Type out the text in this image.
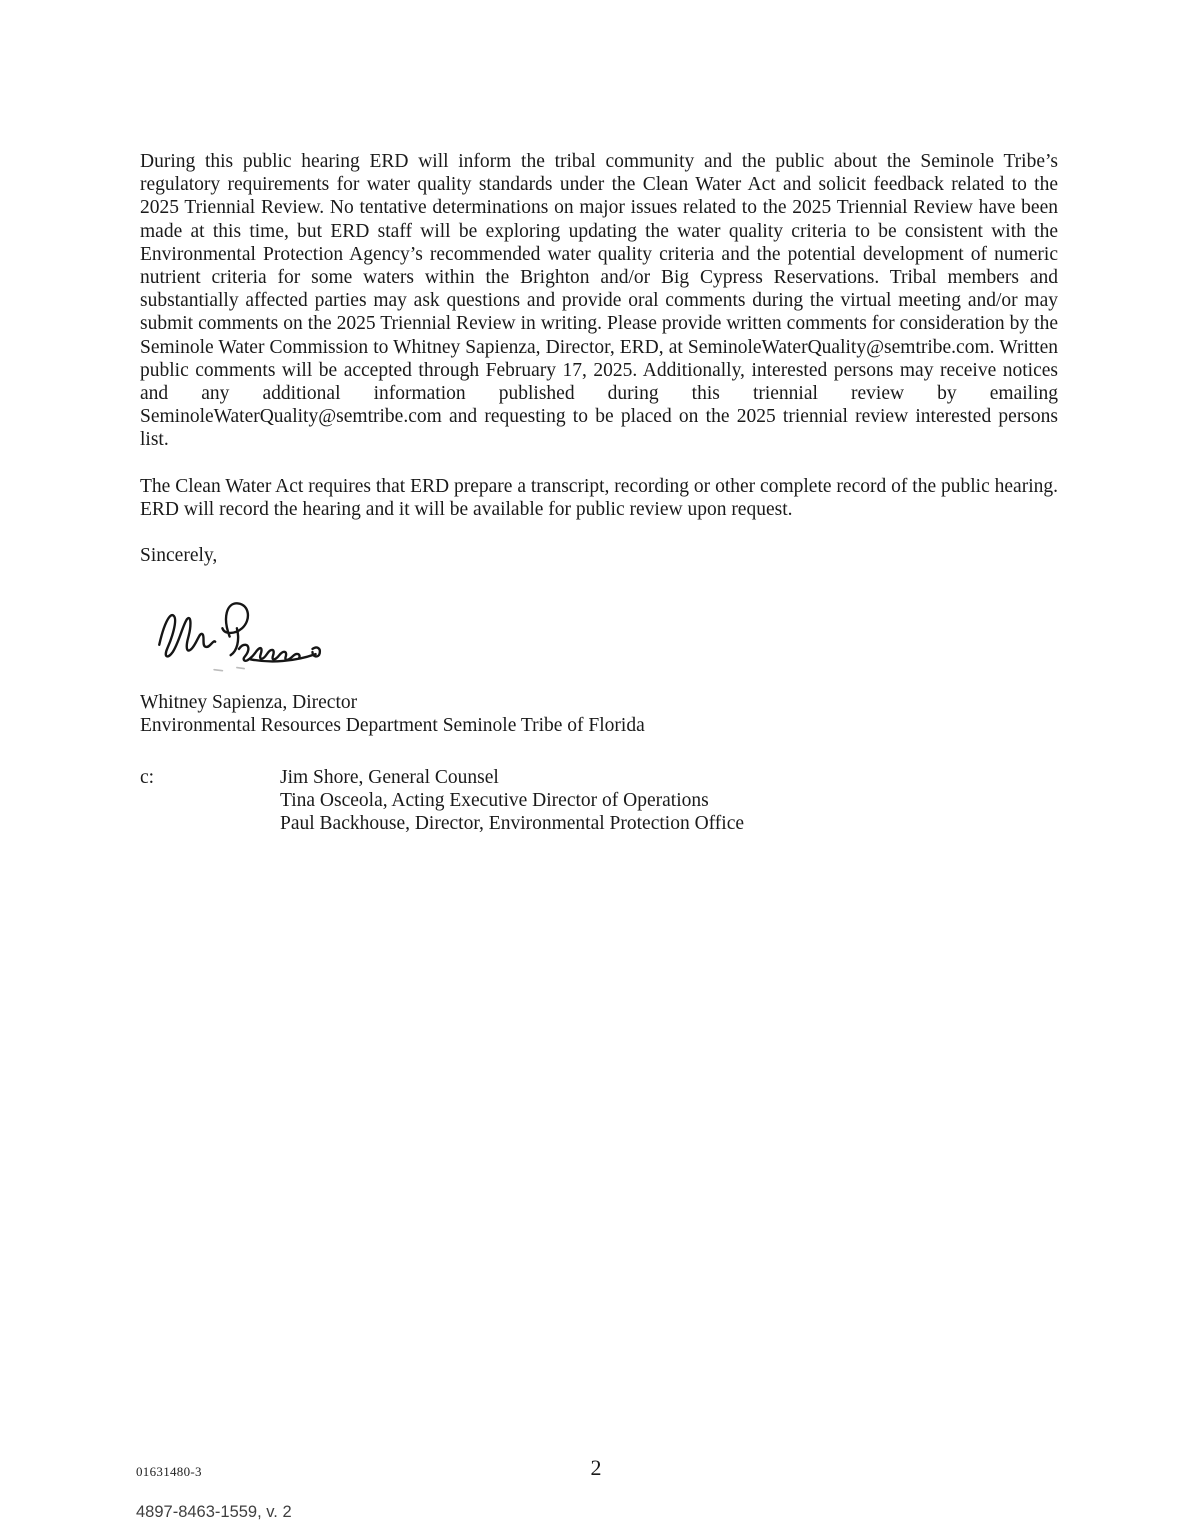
During this public hearing ERD will inform the tribal community and the public about the Seminole Tribe’s regulatory requirements for water quality standards under the Clean Water Act and solicit feedback related to the 2025 Triennial Review. No tentative determinations on major issues related to the 2025 Triennial Review have been made at this time, but ERD staff will be exploring updating the water quality criteria to be consistent with the Environmental Protection Agency’s recommended water quality criteria and the potential development of numeric nutrient criteria for some waters within the Brighton and/or Big Cypress Reservations. Tribal members and substantially affected parties may ask questions and provide oral comments during the virtual meeting and/or may submit comments on the 2025 Triennial Review in writing. Please provide written comments for consideration by the Seminole Water Commission to Whitney Sapienza, Director, ERD, at SeminoleWaterQuality@semtribe.com. Written public comments will be accepted through February 17, 2025. Additionally, interested persons may receive notices and any additional information published during this triennial review by emailing SeminoleWaterQuality@semtribe.com and requesting to be placed on the 2025 triennial review interested persons list.

The Clean Water Act requires that ERD prepare a transcript, recording or other complete record of the public hearing. ERD will record the hearing and it will be available for public review upon request.

Sincerely,

Whitney Sapienza, Director
Environmental Resources Department Seminole Tribe of Florida
c:	Jim Shore, General Counsel
Tina Osceola, Acting Executive Director of Operations
Paul Backhouse, Director, Environmental Protection Office
01631480-3	2
4897-8463-1559, v. 2
